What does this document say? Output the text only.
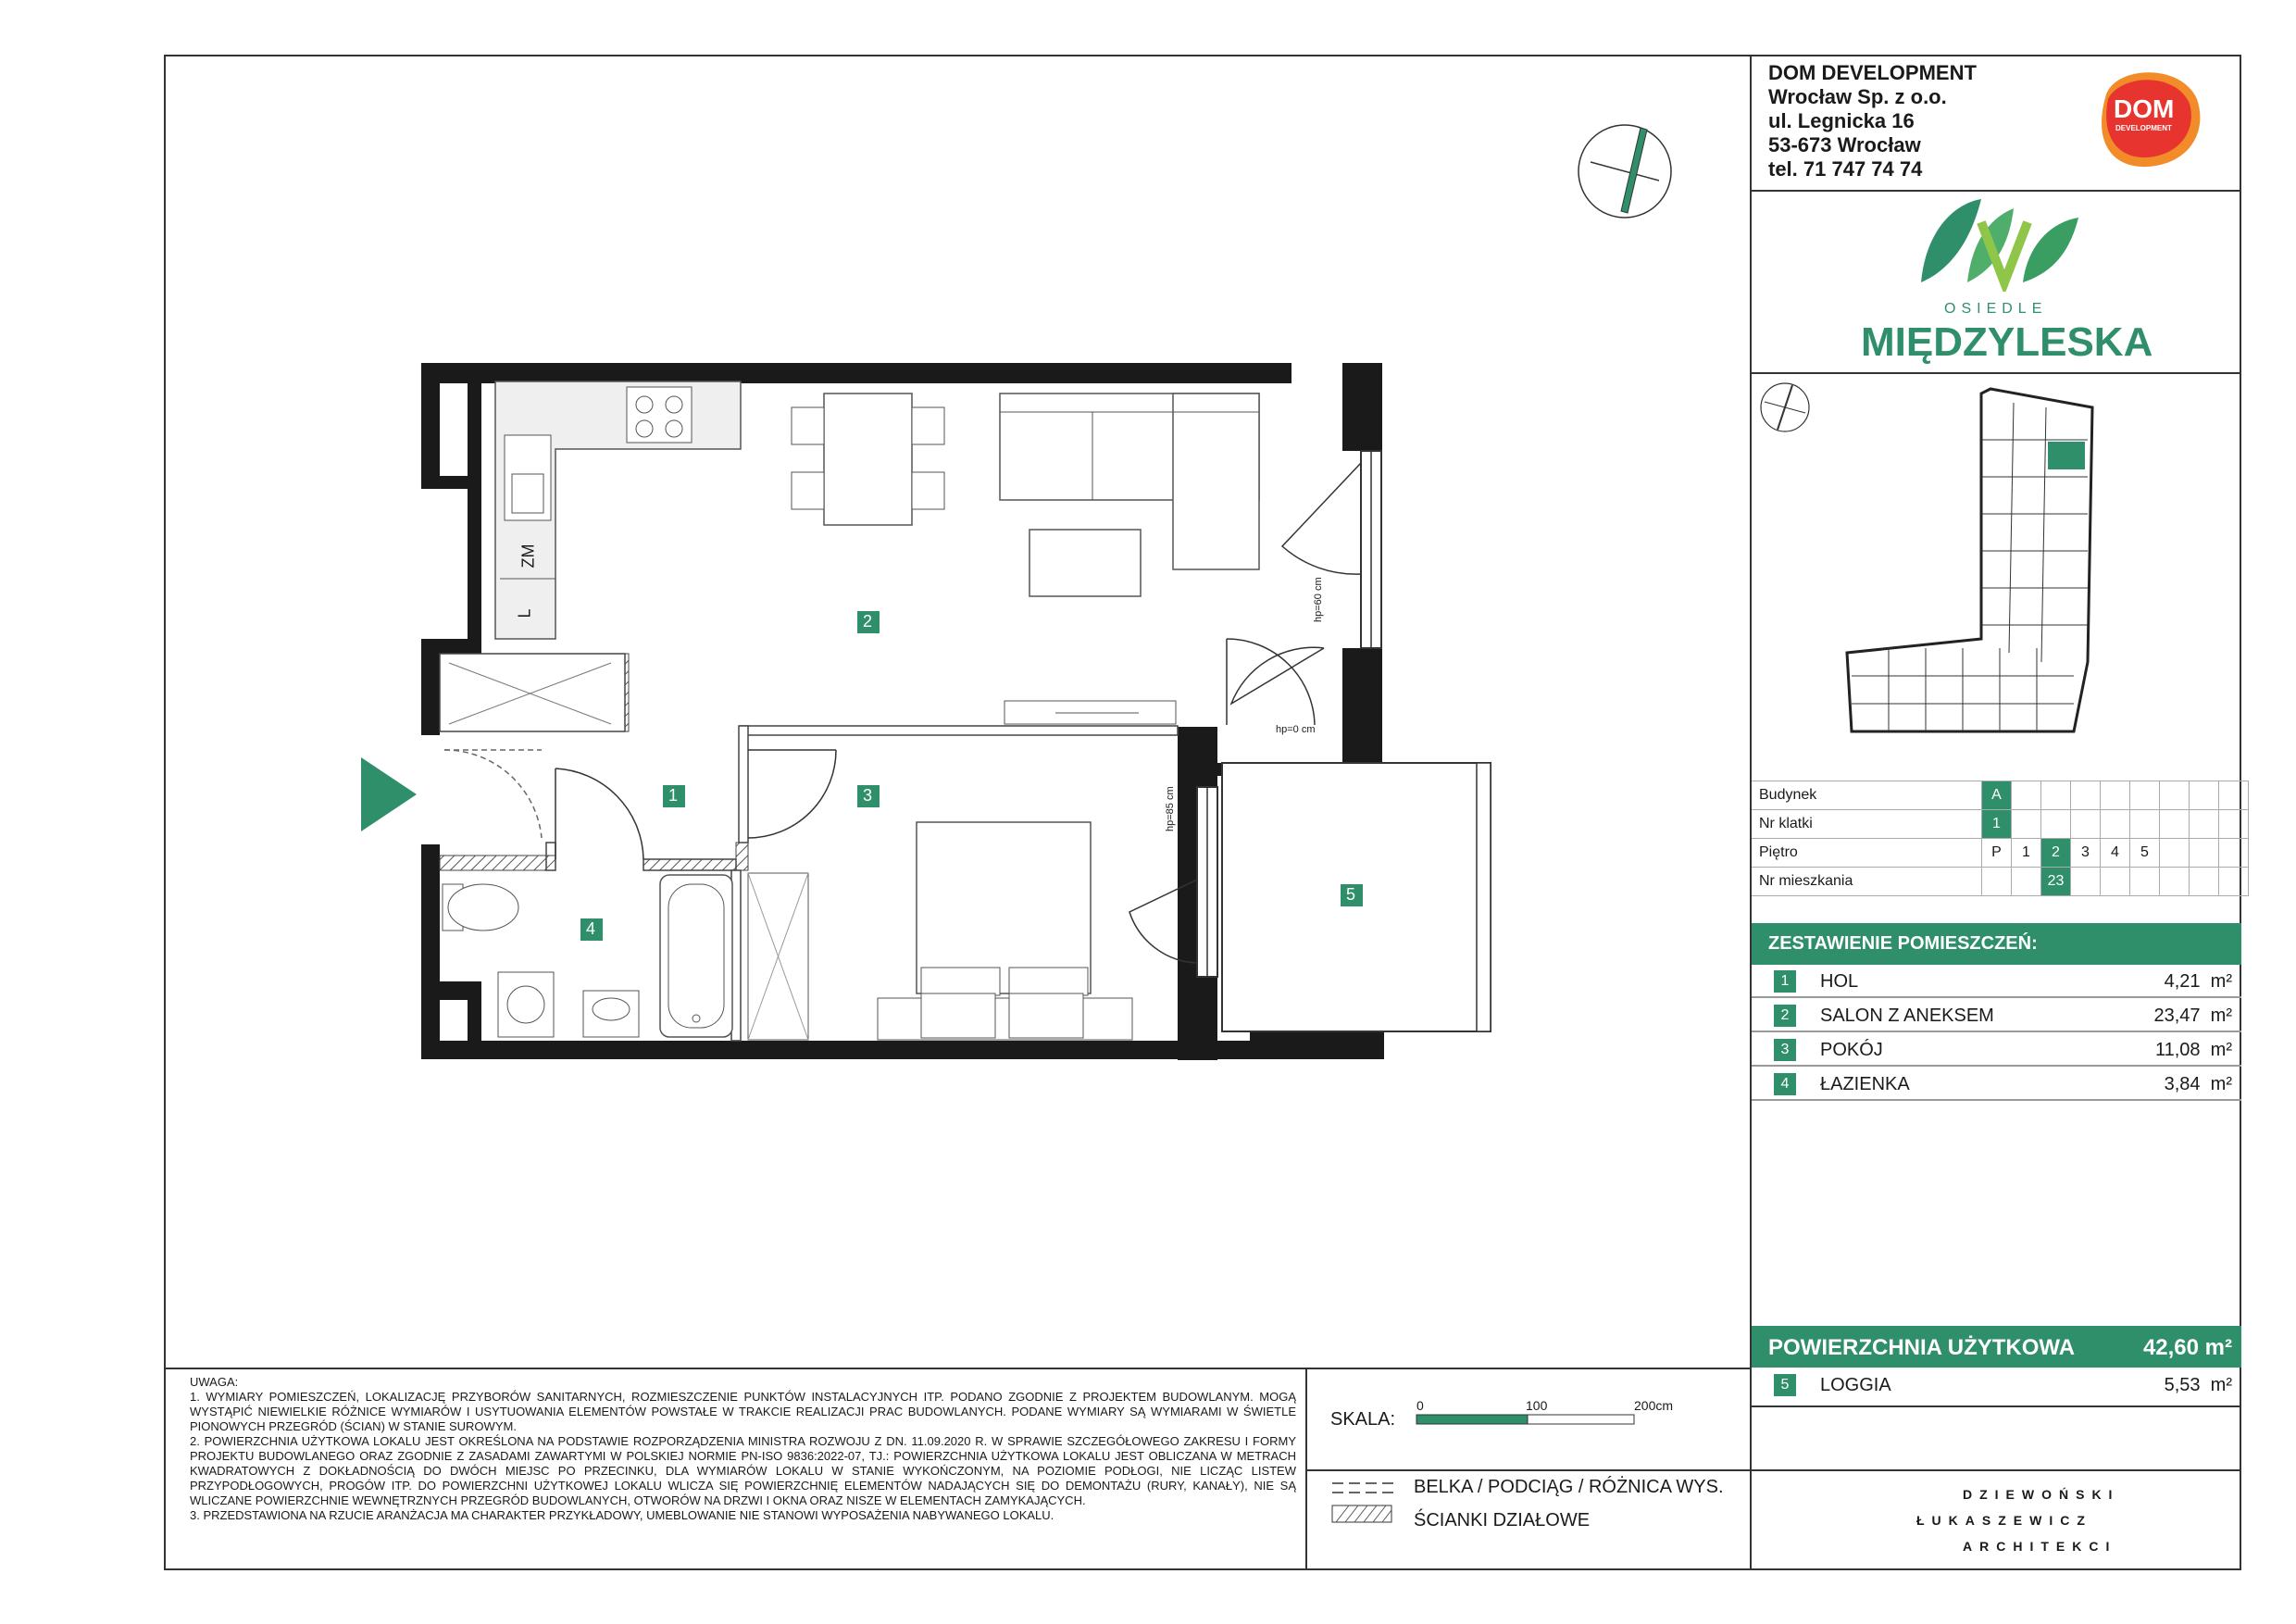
2
1	3
4
5
ZM
L	hp=60 cm
hp=0 cm
hp=85 cm
DOM DEVELOPMENT
Wrocław Sp. z o.o.
ul. Legnicka 16
53-673 Wrocław
tel. 71 747 74 74
DOM
DEVELOPMENT
OSIEDLE
MIĘDZYLESKA
Budynek	A								
Nr klatki	1								
Piętro	P	1	2	3	4	5			
Nr mieszkania			23						
ZESTAWIENIE POMIESZCZEŃ:
1	HOL	4,21 m²
2	SALON Z ANEKSEM	23,47 m²
3	POKÓJ	11,08 m²
4	ŁAZIENKA	3,84 m²
POWIERZCHNIA UŻYTKOWA	42,60 m²
5	LOGGIA	5,53 m²
UWAGA:
1. WYMIARY POMIESZCZEŃ, LOKALIZACJĘ PRZYBORÓW SANITARNYCH, ROZMIESZCZENIE PUNKTÓW INSTALACYJNYCH ITP. PODANO ZGODNIE Z PROJEKTEM BUDOWLANYM. MOGĄ WYSTĄPIĆ NIEWIELKIE RÓŻNICE WYMIARÓW I USYTUOWANIA ELEMENTÓW POWSTAŁE W TRAKCIE REALIZACJI PRAC BUDOWLANYCH. PODANE WYMIARY SĄ WYMIARAMI W ŚWIETLE PIONOWYCH PRZEGRÓD (ŚCIAN) W STANIE SUROWYM.
2. POWIERZCHNIA UŻYTKOWA LOKALU JEST OKREŚLONA NA PODSTAWIE ROZPORZĄDZENIA MINISTRA ROZWOJU Z DN. 11.09.2020 R. W SPRAWIE SZCZEGÓŁOWEGO ZAKRESU I FORMY PROJEKTU BUDOWLANEGO ORAZ ZGODNIE Z ZASADAMI ZAWARTYMI W POLSKIEJ NORMIE PN-ISO 9836:2022-07, TJ.: POWIERZCHNIA UŻYTKOWA LOKALU JEST OBLICZANA W METRACH KWADRATOWYCH Z DOKŁADNOŚCIĄ DO DWÓCH MIEJSC PO PRZECINKU, DLA WYMIARÓW LOKALU W STANIE WYKOŃCZONYM, NA POZIOMIE PODŁOGI, NIE LICZĄC LISTEW PRZYPODŁOGOWYCH, PROGÓW ITP. DO POWIERZCHNI UŻYTKOWEJ LOKALU WLICZA SIĘ POWIERZCHNIĘ ELEMENTÓW NADAJĄCYCH SIĘ DO DEMONTAŻU (RURY, KANAŁY), NIE SĄ WLICZANE POWIERZCHNIE WEWNĘTRZNYCH PRZEGRÓD BUDOWLANYCH, OTWORÓW NA DRZWI I OKNA ORAZ NISZE W ELEMENTACH ZAMYKAJĄCYCH.
3. PRZEDSTAWIONA NA RZUCIE ARANŻACJA MA CHARAKTER PRZYKŁADOWY, UMEBLOWANIE NIE STANOWI WYPOSAŻENIA NABYWANEGO LOKALU.
SKALA:
0	100	200cm
BELKA / PODCIĄG / RÓŻNICA WYS.
ŚCIANKI DZIAŁOWE
DZIEWOŃSKI
ŁUKASZEWICZ
ARCHITEKCI
